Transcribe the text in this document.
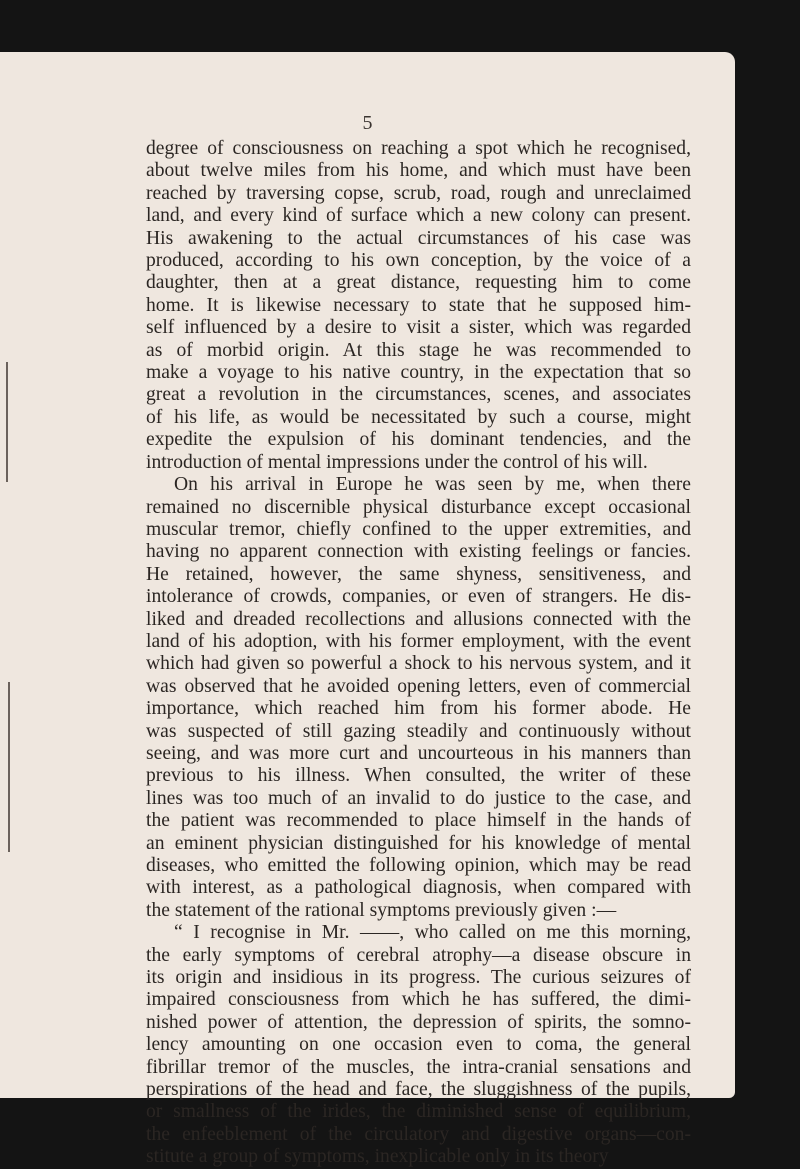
5
degree of consciousness on reaching a spot which he recognised,
about twelve miles from his home, and which must have been
reached by traversing copse, scrub, road, rough and unreclaimed
land, and every kind of surface which a new colony can present.
His awakening to the actual circumstances of his case was
produced, according to his own conception, by the voice of a
daughter, then at a great distance, requesting him to come
home. It is likewise necessary to state that he supposed him-
self influenced by a desire to visit a sister, which was regarded
as of morbid origin. At this stage he was recommended to
make a voyage to his native country, in the expectation that so
great a revolution in the circumstances, scenes, and associates
of his life, as would be necessitated by such a course, might
expedite the expulsion of his dominant tendencies, and the
introduction of mental impressions under the control of his will.
On his arrival in Europe he was seen by me, when there
remained no discernible physical disturbance except occasional
muscular tremor, chiefly confined to the upper extremities, and
having no apparent connection with existing feelings or fancies.
He retained, however, the same shyness, sensitiveness, and
intolerance of crowds, companies, or even of strangers. He dis-
liked and dreaded recollections and allusions connected with the
land of his adoption, with his former employment, with the event
which had given so powerful a shock to his nervous system, and it
was observed that he avoided opening letters, even of commercial
importance, which reached him from his former abode. He
was suspected of still gazing steadily and continuously without
seeing, and was more curt and uncourteous in his manners than
previous to his illness. When consulted, the writer of these
lines was too much of an invalid to do justice to the case, and
the patient was recommended to place himself in the hands of
an eminent physician distinguished for his knowledge of mental
diseases, who emitted the following opinion, which may be read
with interest, as a pathological diagnosis, when compared with
the statement of the rational symptoms previously given :—
“ I recognise in Mr. ——, who called on me this morning,
the early symptoms of cerebral atrophy—a disease obscure in
its origin and insidious in its progress. The curious seizures of
impaired consciousness from which he has suffered, the dimi-
nished power of attention, the depression of spirits, the somno-
lency amounting on one occasion even to coma, the general
fibrillar tremor of the muscles, the intra-cranial sensations and
perspirations of the head and face, the sluggishness of the pupils,
or smallness of the irides, the diminished sense of equilibrium,
the enfeeblement of the circulatory and digestive organs—con-
stitute a group of symptoms, inexplicable only in its theory
